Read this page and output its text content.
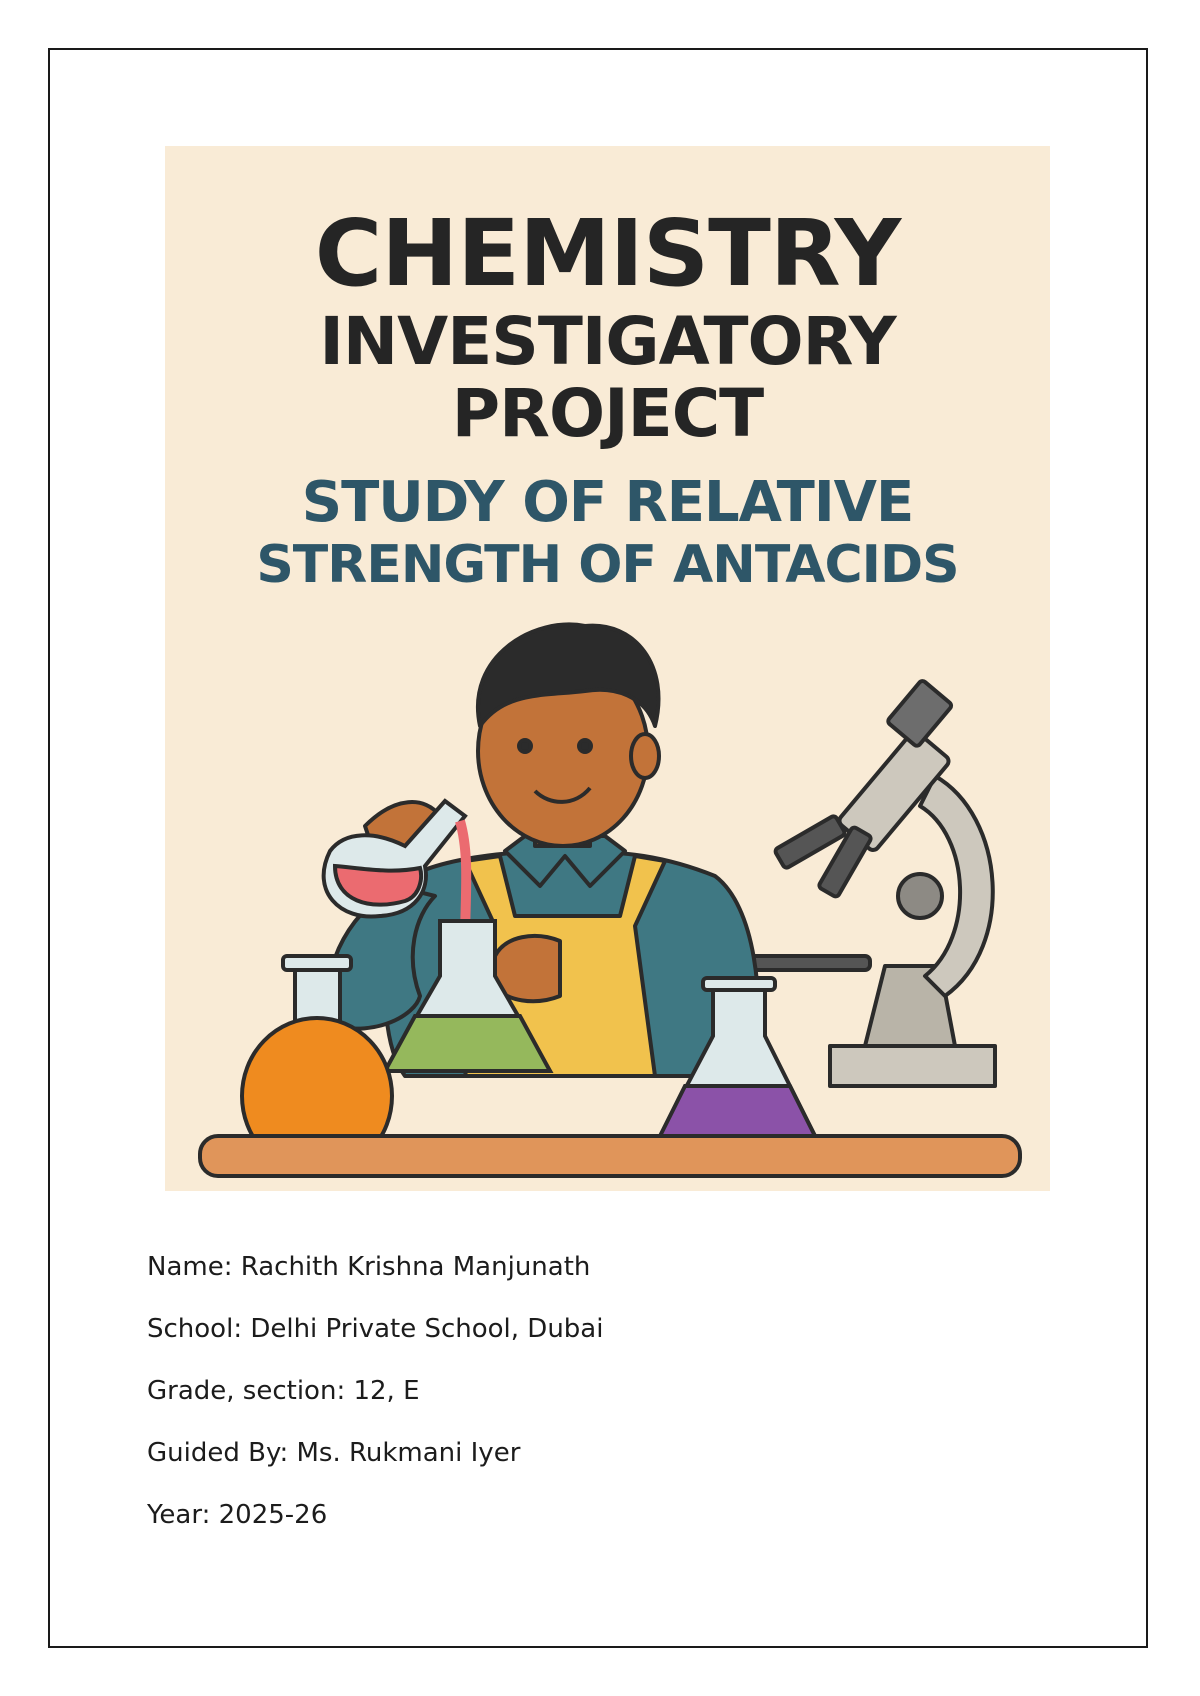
CHEMISTRY
INVESTIGATORY
PROJECT
STUDY OF RELATIVE
STRENGTH OF ANTACIDS
Name: Rachith Krishna Manjunath
School: Delhi Private School, Dubai
Grade, section: 12, E
Guided By: Ms. Rukmani Iyer
Year: 2025-26
